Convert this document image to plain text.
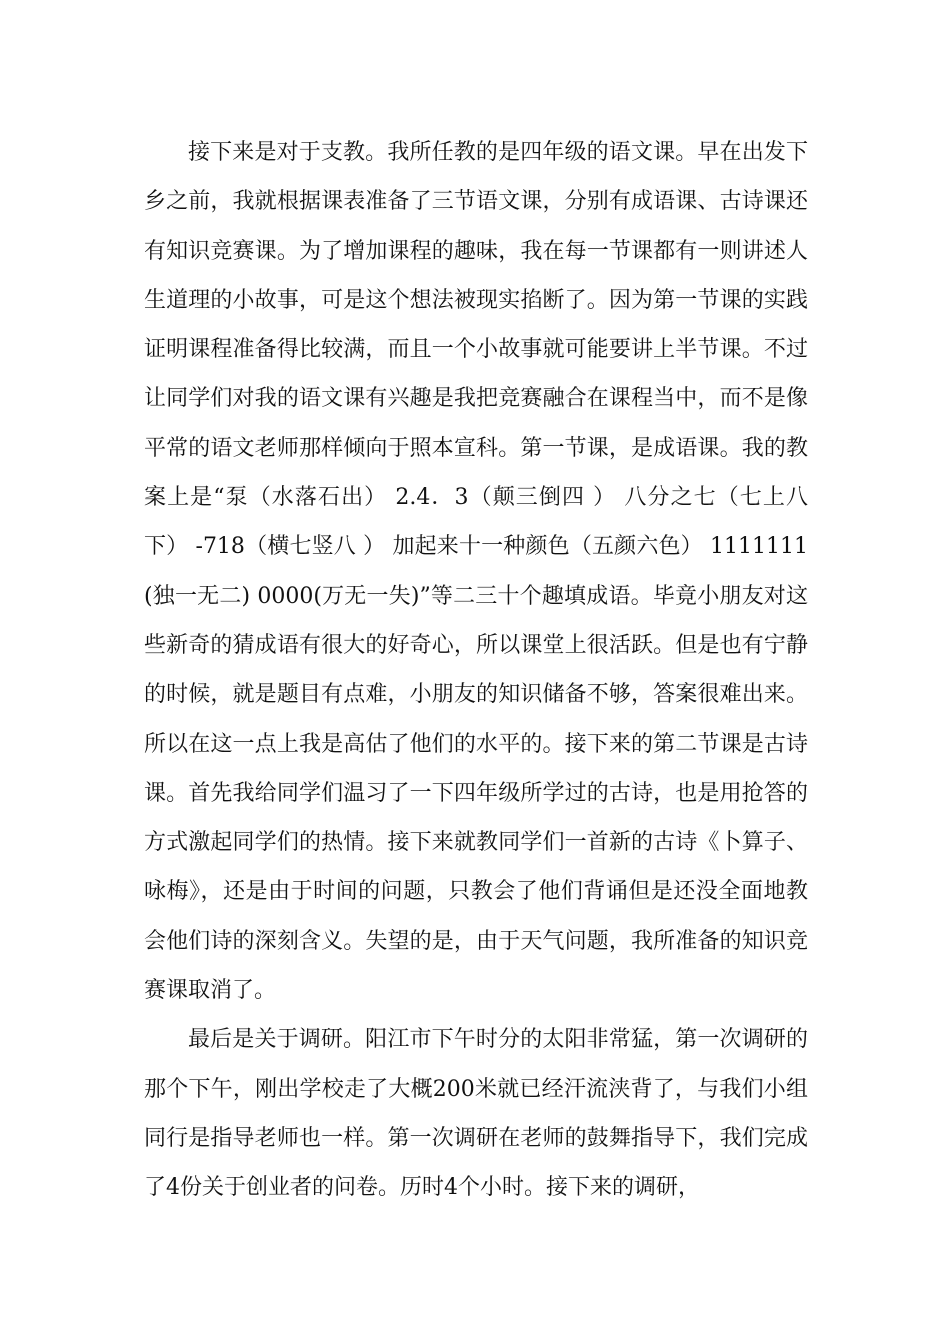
接下来是对于支教。我所任教的是四年级的语文课。早在出发下乡之前，我就根据课表准备了三节语文课，分别有成语课、古诗课还有知识竞赛课。为了增加课程的趣味，我在每一节课都有一则讲述人生道理的小故事，可是这个想法被现实掐断了。因为第一节课的实践证明课程准备得比较满，而且一个小故事就可能要讲上半节课。不过让同学们对我的语文课有兴趣是我把竞赛融合在课程当中，而不是像平常的语文老师那样倾向于照本宣科。第一节课，是成语课。我的教案上是“泵（水落石出） 2.4．3（颠三倒四 ） 八分之七（七上八下） -718（横七竖八 ） 加起来十一种颜色（五颜六色） 1111111(独一无二) 0000(万无一失)”等二三十个趣填成语。毕竟小朋友对这些新奇的猜成语有很大的好奇心，所以课堂上很活跃。但是也有宁静的时候，就是题目有点难，小朋友的知识储备不够，答案很难出来。所以在这一点上我是高估了他们的水平的。接下来的第二节课是古诗课。首先我给同学们温习了一下四年级所学过的古诗，也是用抢答的方式激起同学们的热情。接下来就教同学们一首新的古诗《卜算子、咏梅》，还是由于时间的问题，只教会了他们背诵但是还没全面地教会他们诗的深刻含义。失望的是，由于天气问题，我所准备的知识竞赛课取消了。

最后是关于调研。阳江市下午时分的太阳非常猛，第一次调研的那个下午，刚出学校走了大概200米就已经汗流浃背了，与我们小组同行是指导老师也一样。第一次调研在老师的鼓舞指导下，我们完成了4份关于创业者的问卷。历时4个小时。接下来的调研，
